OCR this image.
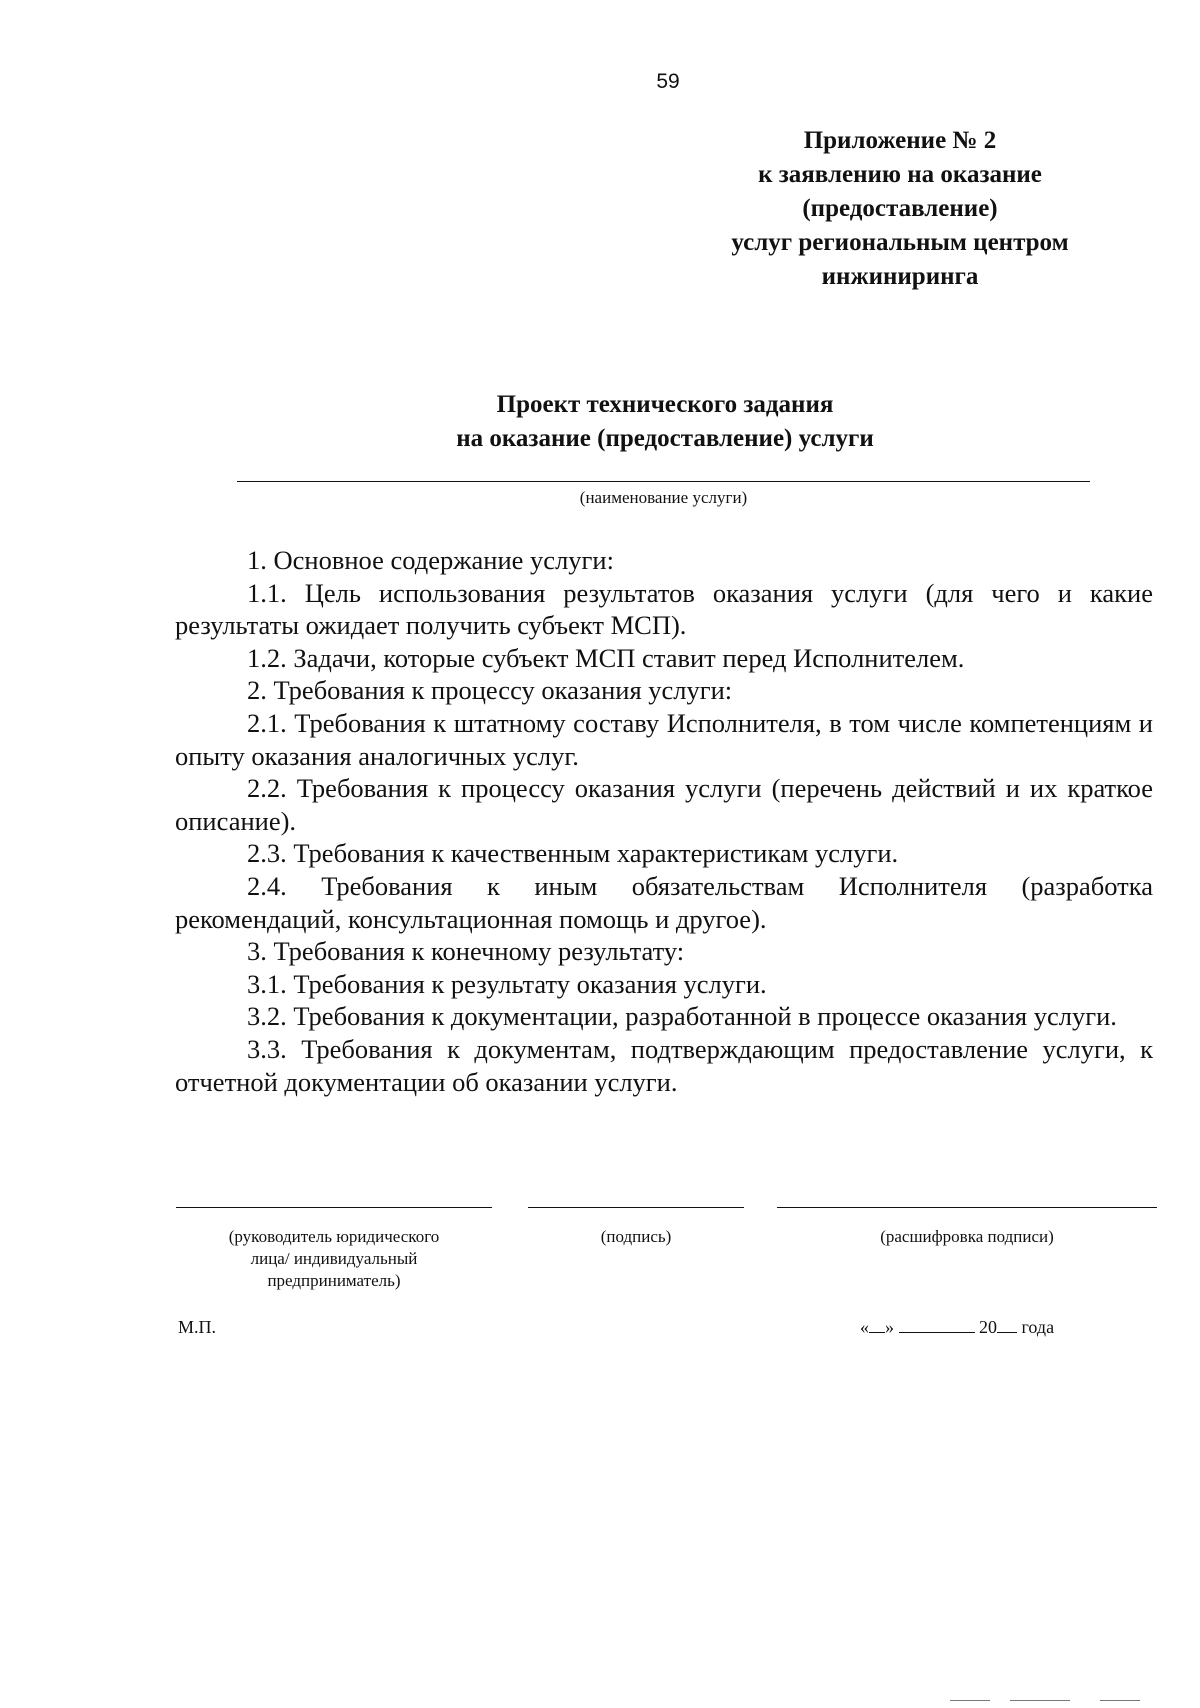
59
Приложение № 2
к заявлению на оказание
(предоставление)
услуг региональным центром
инжиниринга
Проект технического задания
на оказание (предоставление) услуги
(наименование услуги)

1. Основное содержание услуги:

1.1. Цель использования результатов оказания услуги (для чего и какие результаты ожидает получить субъект МСП).

1.2. Задачи, которые субъект МСП ставит перед Исполнителем.

2. Требования к процессу оказания услуги:

2.1. Требования к штатному составу Исполнителя, в том числе компетенциям и опыту оказания аналогичных услуг.

2.2. Требования к процессу оказания услуги (перечень действий и их краткое описание).

2.3. Требования к качественным характеристикам услуги.

2.4. Требования к иным обязательствам Исполнителя (разработка рекомендаций, консультационная помощь и другое).

3. Требования к конечному результату:

3.1. Требования к результату оказания услуги.

3.2. Требования к документации, разработанной в процессе оказания услуги.

3.3. Требования к документам, подтверждающим предоставление услуги, к отчетной документации об оказании услуги.

(руководитель юридического
лица/ индивидуальный
предприниматель)
(подпись)	(расшифровка подписи)
М.П.	« »	20 года
